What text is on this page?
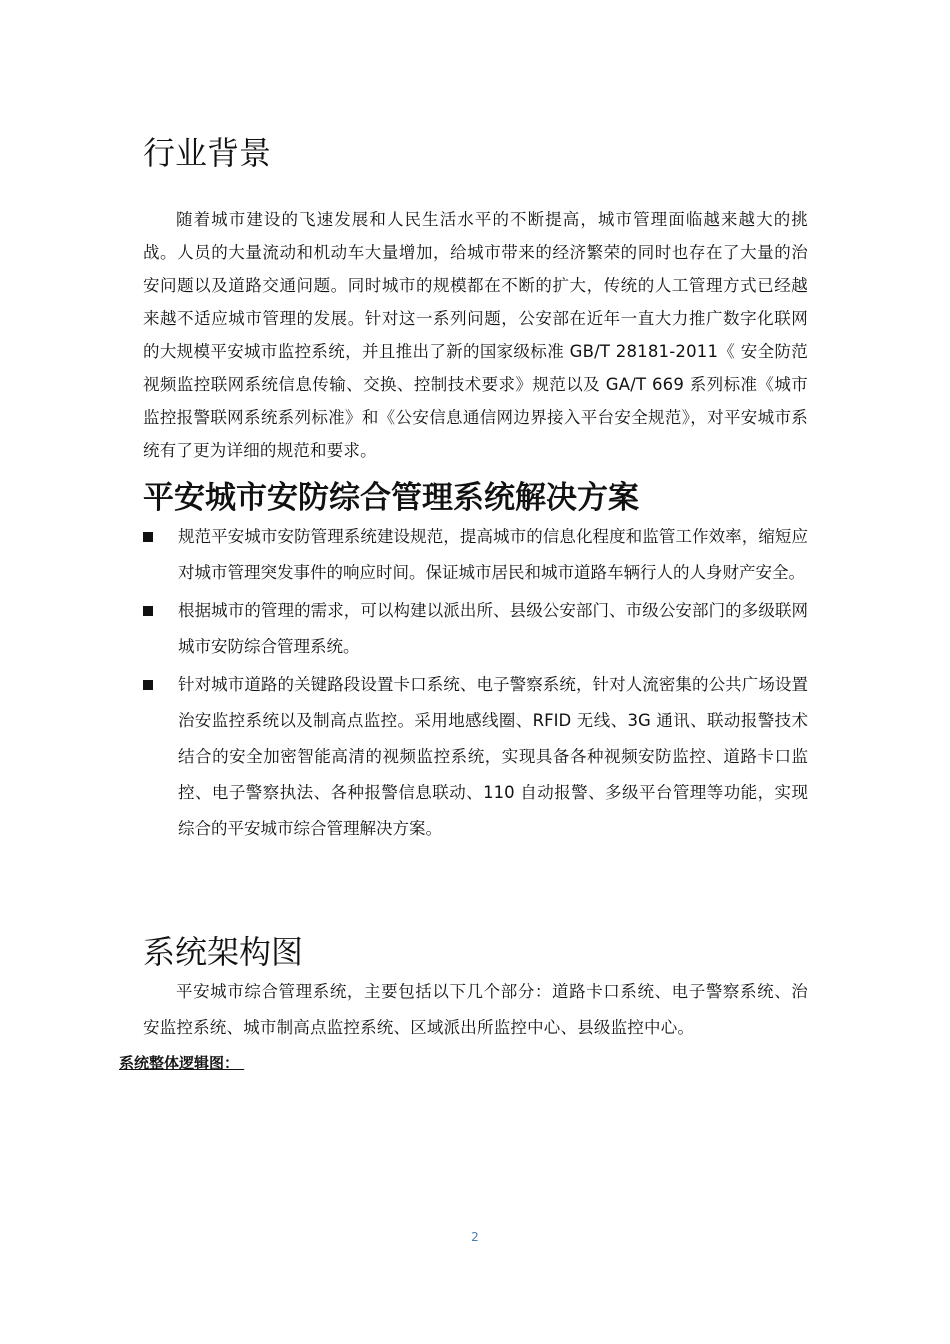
行业背景

随着城市建设的飞速发展和人民生活水平的不断提高，城市管理面临越来越大的挑战。人员的大量流动和机动车大量增加，给城市带来的经济繁荣的同时也存在了大量的治安问题以及道路交通问题。同时城市的规模都在不断的扩大，传统的人工管理方式已经越来越不适应城市管理的发展。针对这一系列问题，公安部在近年一直大力推广数字化联网的大规模平安城市监控系统，并且推出了新的国家级标准 GB/T 28181-2011《 安全防范视频监控联网系统信息传输、交换、控制技术要求》规范以及 GA/T 669 系列标准《城市监控报警联网系统系列标准》和《公安信息通信网边界接入平台安全规范》，对平安城市系统有了更为详细的规范和要求。

平安城市安防综合管理系统解决方案
规范平安城市安防管理系统建设规范，提高城市的信息化程度和监管工作效率，缩短应对城市管理突发事件的响应时间。保证城市居民和城市道路车辆行人的人身财产安全。
根据城市的管理的需求，可以构建以派出所、县级公安部门、市级公安部门的多级联网城市安防综合管理系统。
针对城市道路的关键路段设置卡口系统、电子警察系统，针对人流密集的公共广场设置治安监控系统以及制高点监控。采用地感线圈、RFID 无线、3G 通讯、联动报警技术结合的安全加密智能高清的视频监控系统，实现具备各种视频安防监控、道路卡口监控、电子警察执法、各种报警信息联动、110 自动报警、多级平台管理等功能，实现综合的平安城市综合管理解决方案。
系统架构图

平安城市综合管理系统，主要包括以下几个部分：道路卡口系统、电子警察系统、治安监控系统、城市制高点监控系统、区域派出所监控中心、县级监控中心。

系统整体逻辑图：
2
